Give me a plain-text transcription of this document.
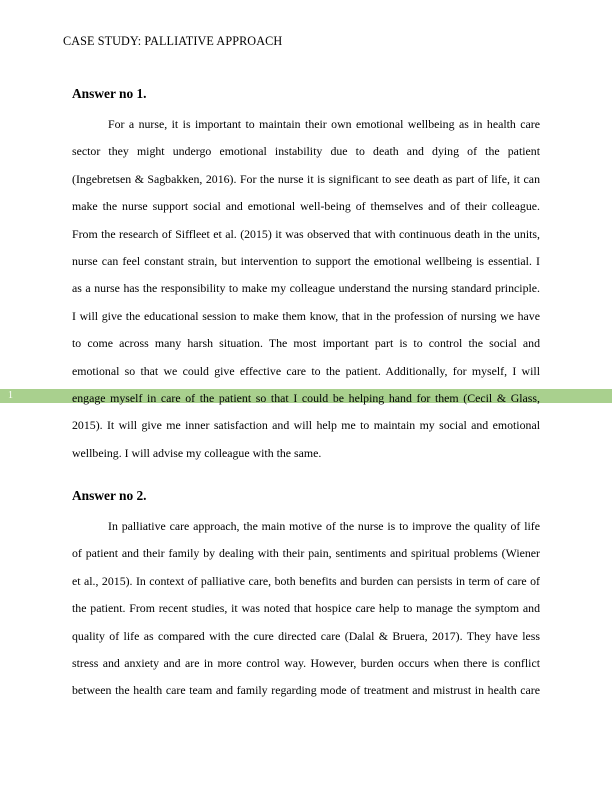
CASE STUDY: PALLIATIVE APPROACH
1
Answer no 1.
For a nurse, it is important to maintain their own emotional wellbeing as in health care
sector they might undergo emotional instability due to death and dying of the patient
(Ingebretsen & Sagbakken, 2016). For the nurse it is significant to see death as part of life, it can
make the nurse support social and emotional well-being of themselves and of their colleague.
From the research of Siffleet et al. (2015) it was observed that with continuous death in the units,
nurse can feel constant strain, but intervention to support the emotional wellbeing is essential. I
as a nurse has the responsibility to make my colleague understand the nursing standard principle.
I will give the educational session to make them know, that in the profession of nursing we have
to come across many harsh situation. The most important part is to control the social and
emotional so that we could give effective care to the patient. Additionally, for myself, I will
engage myself in care of the patient so that I could be helping hand for them (Cecil & Glass,
2015). It will give me inner satisfaction and will help me to maintain my social and emotional
wellbeing. I will advise my colleague with the same.
Answer no 2.
In palliative care approach, the main motive of the nurse is to improve the quality of life
of patient and their family by dealing with their pain, sentiments and spiritual problems (Wiener
et al., 2015). In context of palliative care, both benefits and burden can persists in term of care of
the patient. From recent studies, it was noted that hospice care help to manage the symptom and
quality of life as compared with the cure directed care (Dalal & Bruera, 2017). They have less
stress and anxiety and are in more control way. However, burden occurs when there is conflict
between the health care team and family regarding mode of treatment and mistrust in health care
